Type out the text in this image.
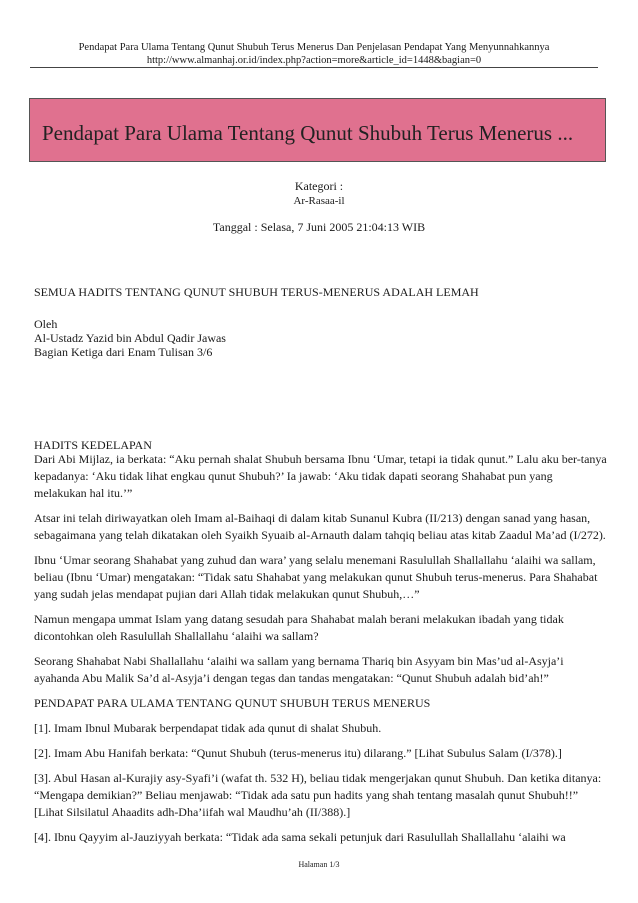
Pendapat Para Ulama Tentang Qunut Shubuh Terus Menerus Dan Penjelasan Pendapat Yang Menyunnahkannya
http://www.almanhaj.or.id/index.php?action=more&article_id=1448&bagian=0
Pendapat Para Ulama Tentang Qunut Shubuh Terus Menerus ...
Kategori :
Ar-Rasaa-il
Tanggal : Selasa, 7 Juni 2005 21:04:13 WIB
SEMUA HADITS TENTANG QUNUT SHUBUH TERUS-MENERUS ADALAH LEMAH
Oleh
Al-Ustadz Yazid bin Abdul Qadir Jawas
Bagian Ketiga dari Enam Tulisan 3/6
HADITS KEDELAPAN

Dari Abi Mijlaz, ia berkata: “Aku pernah shalat Shubuh bersama Ibnu ‘Umar, tetapi ia tidak qunut.” Lalu aku ber-tanya kepadanya: ‘Aku tidak lihat engkau qunut Shubuh?’ Ia jawab: ‘Aku tidak dapati seorang Shahabat pun yang melakukan hal itu.’”

Atsar ini telah diriwayatkan oleh Imam al-Baihaqi di dalam kitab Sunanul Kubra (II/213) dengan sanad yang hasan, sebagaimana yang telah dikatakan oleh Syaikh Syuaib al-Arnauth dalam tahqiq beliau atas kitab Zaadul Ma’ad (I/272).

Ibnu ‘Umar seorang Shahabat yang zuhud dan wara’ yang selalu menemani Rasulullah Shallallahu ‘alaihi wa sallam, beliau (Ibnu ‘Umar) mengatakan: “Tidak satu Shahabat yang melakukan qunut Shubuh terus-menerus. Para Shahabat yang sudah jelas mendapat pujian dari Allah tidak melakukan qunut Shubuh,…”

Namun mengapa ummat Islam yang datang sesudah para Shahabat malah berani melakukan ibadah yang tidak dicontohkan oleh Rasulullah Shallallahu ‘alaihi wa sallam?

Seorang Shahabat Nabi Shallallahu ‘alaihi wa sallam yang bernama Thariq bin Asyyam bin Mas’ud al-Asyja’i ayahanda Abu Malik Sa’d al-Asyja’i dengan tegas dan tandas mengatakan: “Qunut Shubuh adalah bid’ah!”

PENDAPAT PARA ULAMA TENTANG QUNUT SHUBUH TERUS MENERUS

[1]. Imam Ibnul Mubarak berpendapat tidak ada qunut di shalat Shubuh.

[2]. Imam Abu Hanifah berkata: “Qunut Shubuh (terus-menerus itu) dilarang.” [Lihat Subulus Salam (I/378).]

[3]. Abul Hasan al-Kurajiy asy-Syafi’i (wafat th. 532 H), beliau tidak mengerjakan qunut Shubuh. Dan ketika ditanya: “Mengapa demikian?” Beliau menjawab: “Tidak ada satu pun hadits yang shah tentang masalah qunut Shubuh!!” [Lihat Silsilatul Ahaadits adh-Dha’iifah wal Maudhu’ah (II/388).]

[4]. Ibnu Qayyim al-Jauziyyah berkata: “Tidak ada sama sekali petunjuk dari Rasulullah Shallallahu ‘alaihi wa

Halaman 1/3
